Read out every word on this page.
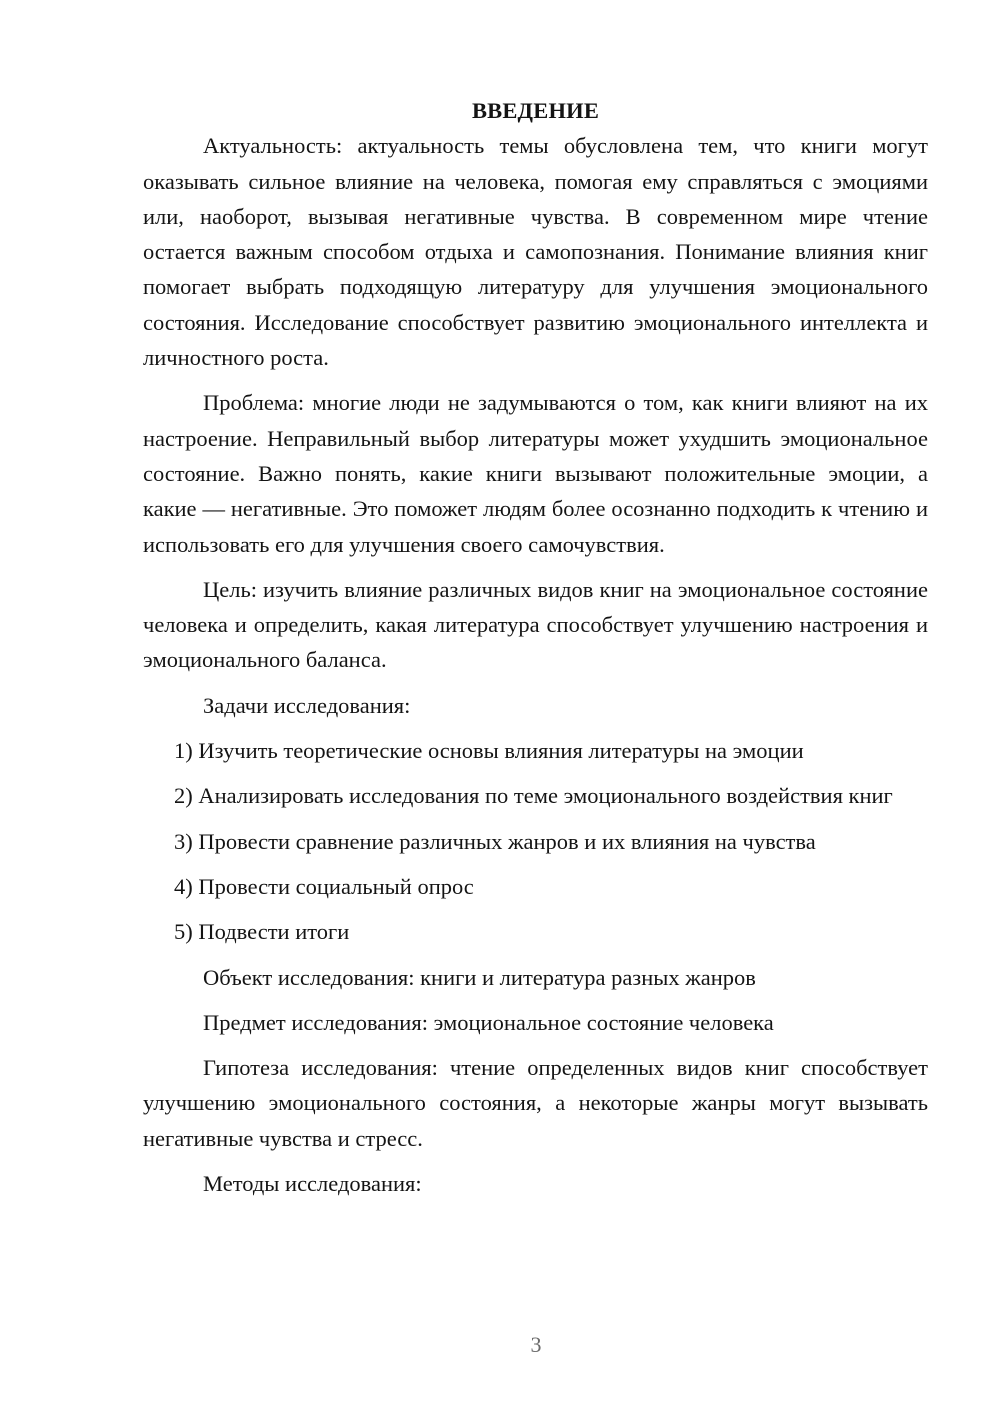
ВВЕДЕНИЕ

Актуальность: актуальность темы обусловлена тем, что книги могут оказывать сильное влияние на человека, помогая ему справляться с эмоциями или, наоборот, вызывая негативные чувства. В современном мире чтение остается важным способом отдыха и самопознания. Понимание влияния книг помогает выбрать подходящую литературу для улучшения эмоционального состояния. Исследование способствует развитию эмоционального интеллекта и личностного роста.

Проблема: многие люди не задумываются о том, как книги влияют на их настроение. Неправильный выбор литературы может ухудшить эмоциональное состояние. Важно понять, какие книги вызывают положительные эмоции, а какие — негативные. Это поможет людям более осознанно подходить к чтению и использовать его для улучшения своего самочувствия.

Цель: изучить влияние различных видов книг на эмоциональное состояние человека и определить, какая литература способствует улучшению настроения и эмоционального баланса.

Задачи исследования:

1) Изучить теоретические основы влияния литературы на эмоции

2) Анализировать исследования по теме эмоционального воздействия книг

3) Провести сравнение различных жанров и их влияния на чувства

4) Провести социальный опрос

5) Подвести итоги

Объект исследования: книги и литература разных жанров

Предмет исследования: эмоциональное состояние человека

Гипотеза исследования: чтение определенных видов книг способствует улучшению эмоционального состояния, а некоторые жанры могут вызывать негативные чувства и стресс.

Методы исследования:

3
